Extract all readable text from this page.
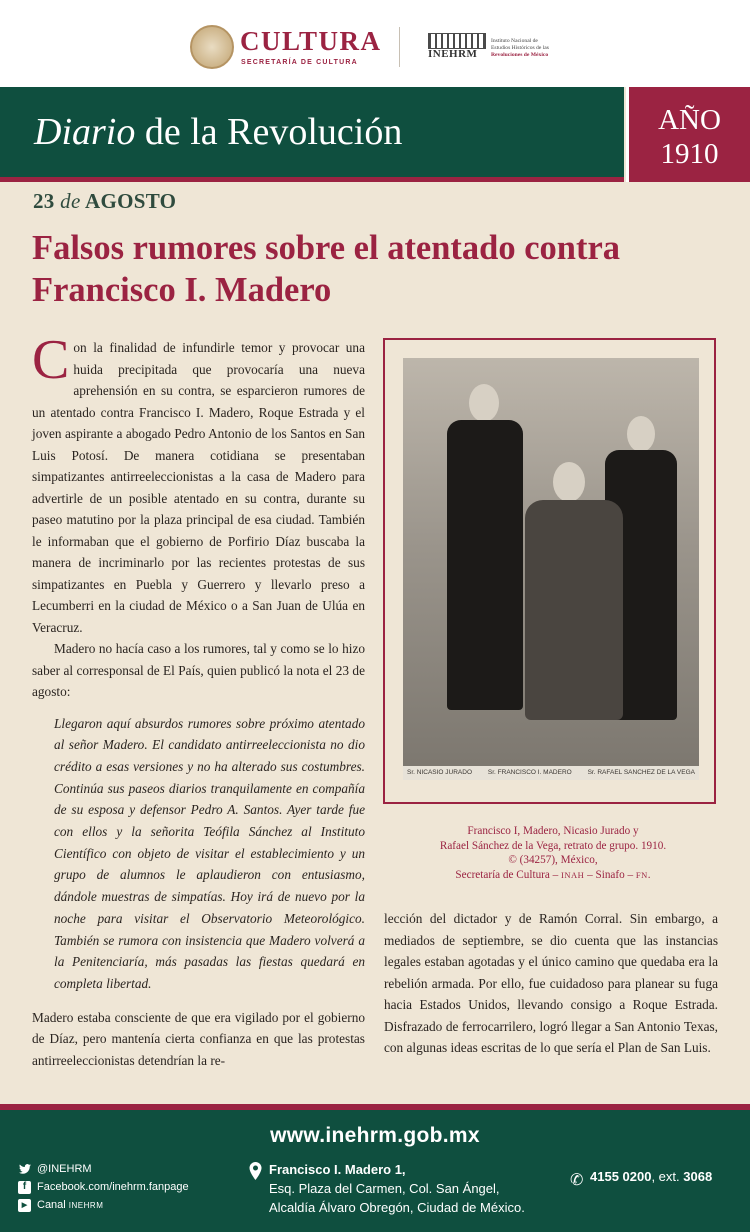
CULTURA
SECRETARÍA DE CULTURA
INEHRM
Instituto Nacional de
Estudios Históricos de las
Revoluciones de México
Diario de la Revolución	AÑO
1910
23 de AGOSTO
Falsos rumores sobre el atentado contra Francisco I. Madero

Con la finalidad de infundirle temor y provocar una huida precipitada que provocaría una nueva aprehensión en su contra, se esparcieron rumores de un atentado contra Francisco I. Madero, Roque Estrada y el joven aspirante a abogado Pedro Antonio de los Santos en San Luis Potosí. De manera cotidiana se presentaban simpatizantes antirreeleccionistas a la casa de Madero para advertirle de un posible atentado en su contra, durante su paseo matutino por la plaza principal de esa ciudad. También le informaban que el gobierno de Porfirio Díaz buscaba la manera de incriminarlo por las recientes protestas de sus simpatizantes en Puebla y Guerrero y llevarlo preso a Lecumberri en la ciudad de México o a San Juan de Ulúa en Veracruz.

Madero no hacía caso a los rumores, tal y como se lo hizo saber al corresponsal de El País, quien publicó la nota el 23 de agosto:

Llegaron aquí absurdos rumores sobre próximo atentado al señor Madero. El candidato antirreeleccionista no dio crédito a esas versiones y no ha alterado sus costumbres. Continúa sus paseos diarios tranquilamente en compañía de su esposa y defensor Pedro A. Santos. Ayer tarde fue con ellos y la señorita Teófila Sánchez al Instituto Científico con objeto de visitar el establecimiento y un grupo de alumnos le aplaudieron con entusiasmo, dándole muestras de simpatías. Hoy irá de nuevo por la noche para visitar el Observatorio Meteorológico. También se rumora con insistencia que Madero volverá a la Penitenciaría, más pasadas las fiestas quedará en completa libertad.

Madero estaba consciente de que era vigilado por el gobierno de Díaz, pero mantenía cierta confianza en que las protestas antirreeleccionistas detendrían la re-

Sr. NICASIO JURADO Sr. FRANCISCO I. MADERO Sr. RAFAEL SANCHEZ DE LA VEGA
Francisco I, Madero, Nicasio Jurado y
Rafael Sánchez de la Vega, retrato de grupo. 1910.
© (34257), México,
Secretaría de Cultura – INAH – Sinafo – FN.

lección del dictador y de Ramón Corral. Sin embargo, a mediados de septiembre, se dio cuenta que las instancias legales estaban agotadas y el único camino que quedaba era la rebelión armada. Por ello, fue cuidadoso para planear su fuga hacia Estados Unidos, llevando consigo a Roque Estrada. Disfrazado de ferrocarrilero, logró llegar a San Antonio Texas, con algunas ideas escritas de lo que sería el Plan de San Luis.

www.inehrm.gob.mx
@INEHRM
f Facebook.com/inehrm.fanpage
▶ Canal INEHRM
Francisco I. Madero 1,
Esq. Plaza del Carmen, Col. San Ángel,
Alcaldía Álvaro Obregón, Ciudad de México.
✆ 4155 0200, ext. 3068
